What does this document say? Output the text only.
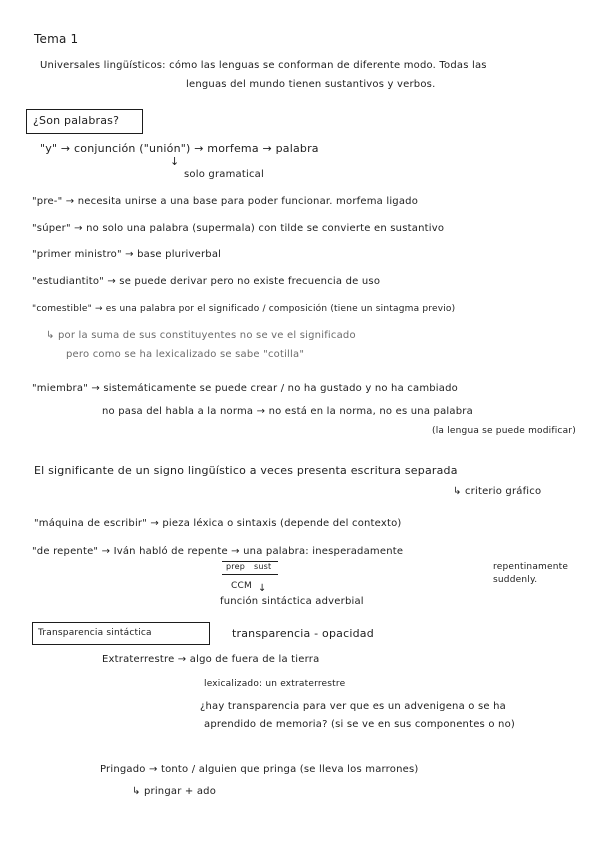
Tema 1
Universales lingüísticos: cómo las lenguas se conforman de diferente modo. Todas las
lenguas del mundo tienen sustantivos y verbos.
¿Son palabras?
"y" → conjunción ("unión") → morfema → palabra
↓
solo gramatical
"pre-" → necesita unirse a una base para poder funcionar. morfema ligado
"súper" → no solo una palabra (supermala) con tilde se convierte en sustantivo
"primer ministro" → base pluriverbal
"estudiantito" → se puede derivar pero no existe frecuencia de uso
"comestible" → es una palabra por el significado / composición (tiene un sintagma previo)
↳ por la suma de sus constituyentes no se ve el significado
pero como se ha lexicalizado se sabe "cotilla"
"miembra" → sistemáticamente se puede crear / no ha gustado y no ha cambiado
no pasa del habla a la norma → no está en la norma, no es una palabra
(la lengua se puede modificar)
El significante de un signo lingüístico a veces presenta escritura separada
↳ criterio gráfico
"máquina de escribir" → pieza léxica o sintaxis (depende del contexto)
"de repente" → Iván habló de repente → una palabra: inesperadamente
repentinamente
suddenly.
prep sust
CCM ↓
función sintáctica adverbial
Transparencia sintáctica	transparencia - opacidad
Extraterrestre → algo de fuera de la tierra
lexicalizado: un extraterrestre
¿hay transparencia para ver que es un advenigena o se ha
aprendido de memoria? (si se ve en sus componentes o no)
Pringado → tonto / alguien que pringa (se lleva los marrones)
↳ pringar + ado
